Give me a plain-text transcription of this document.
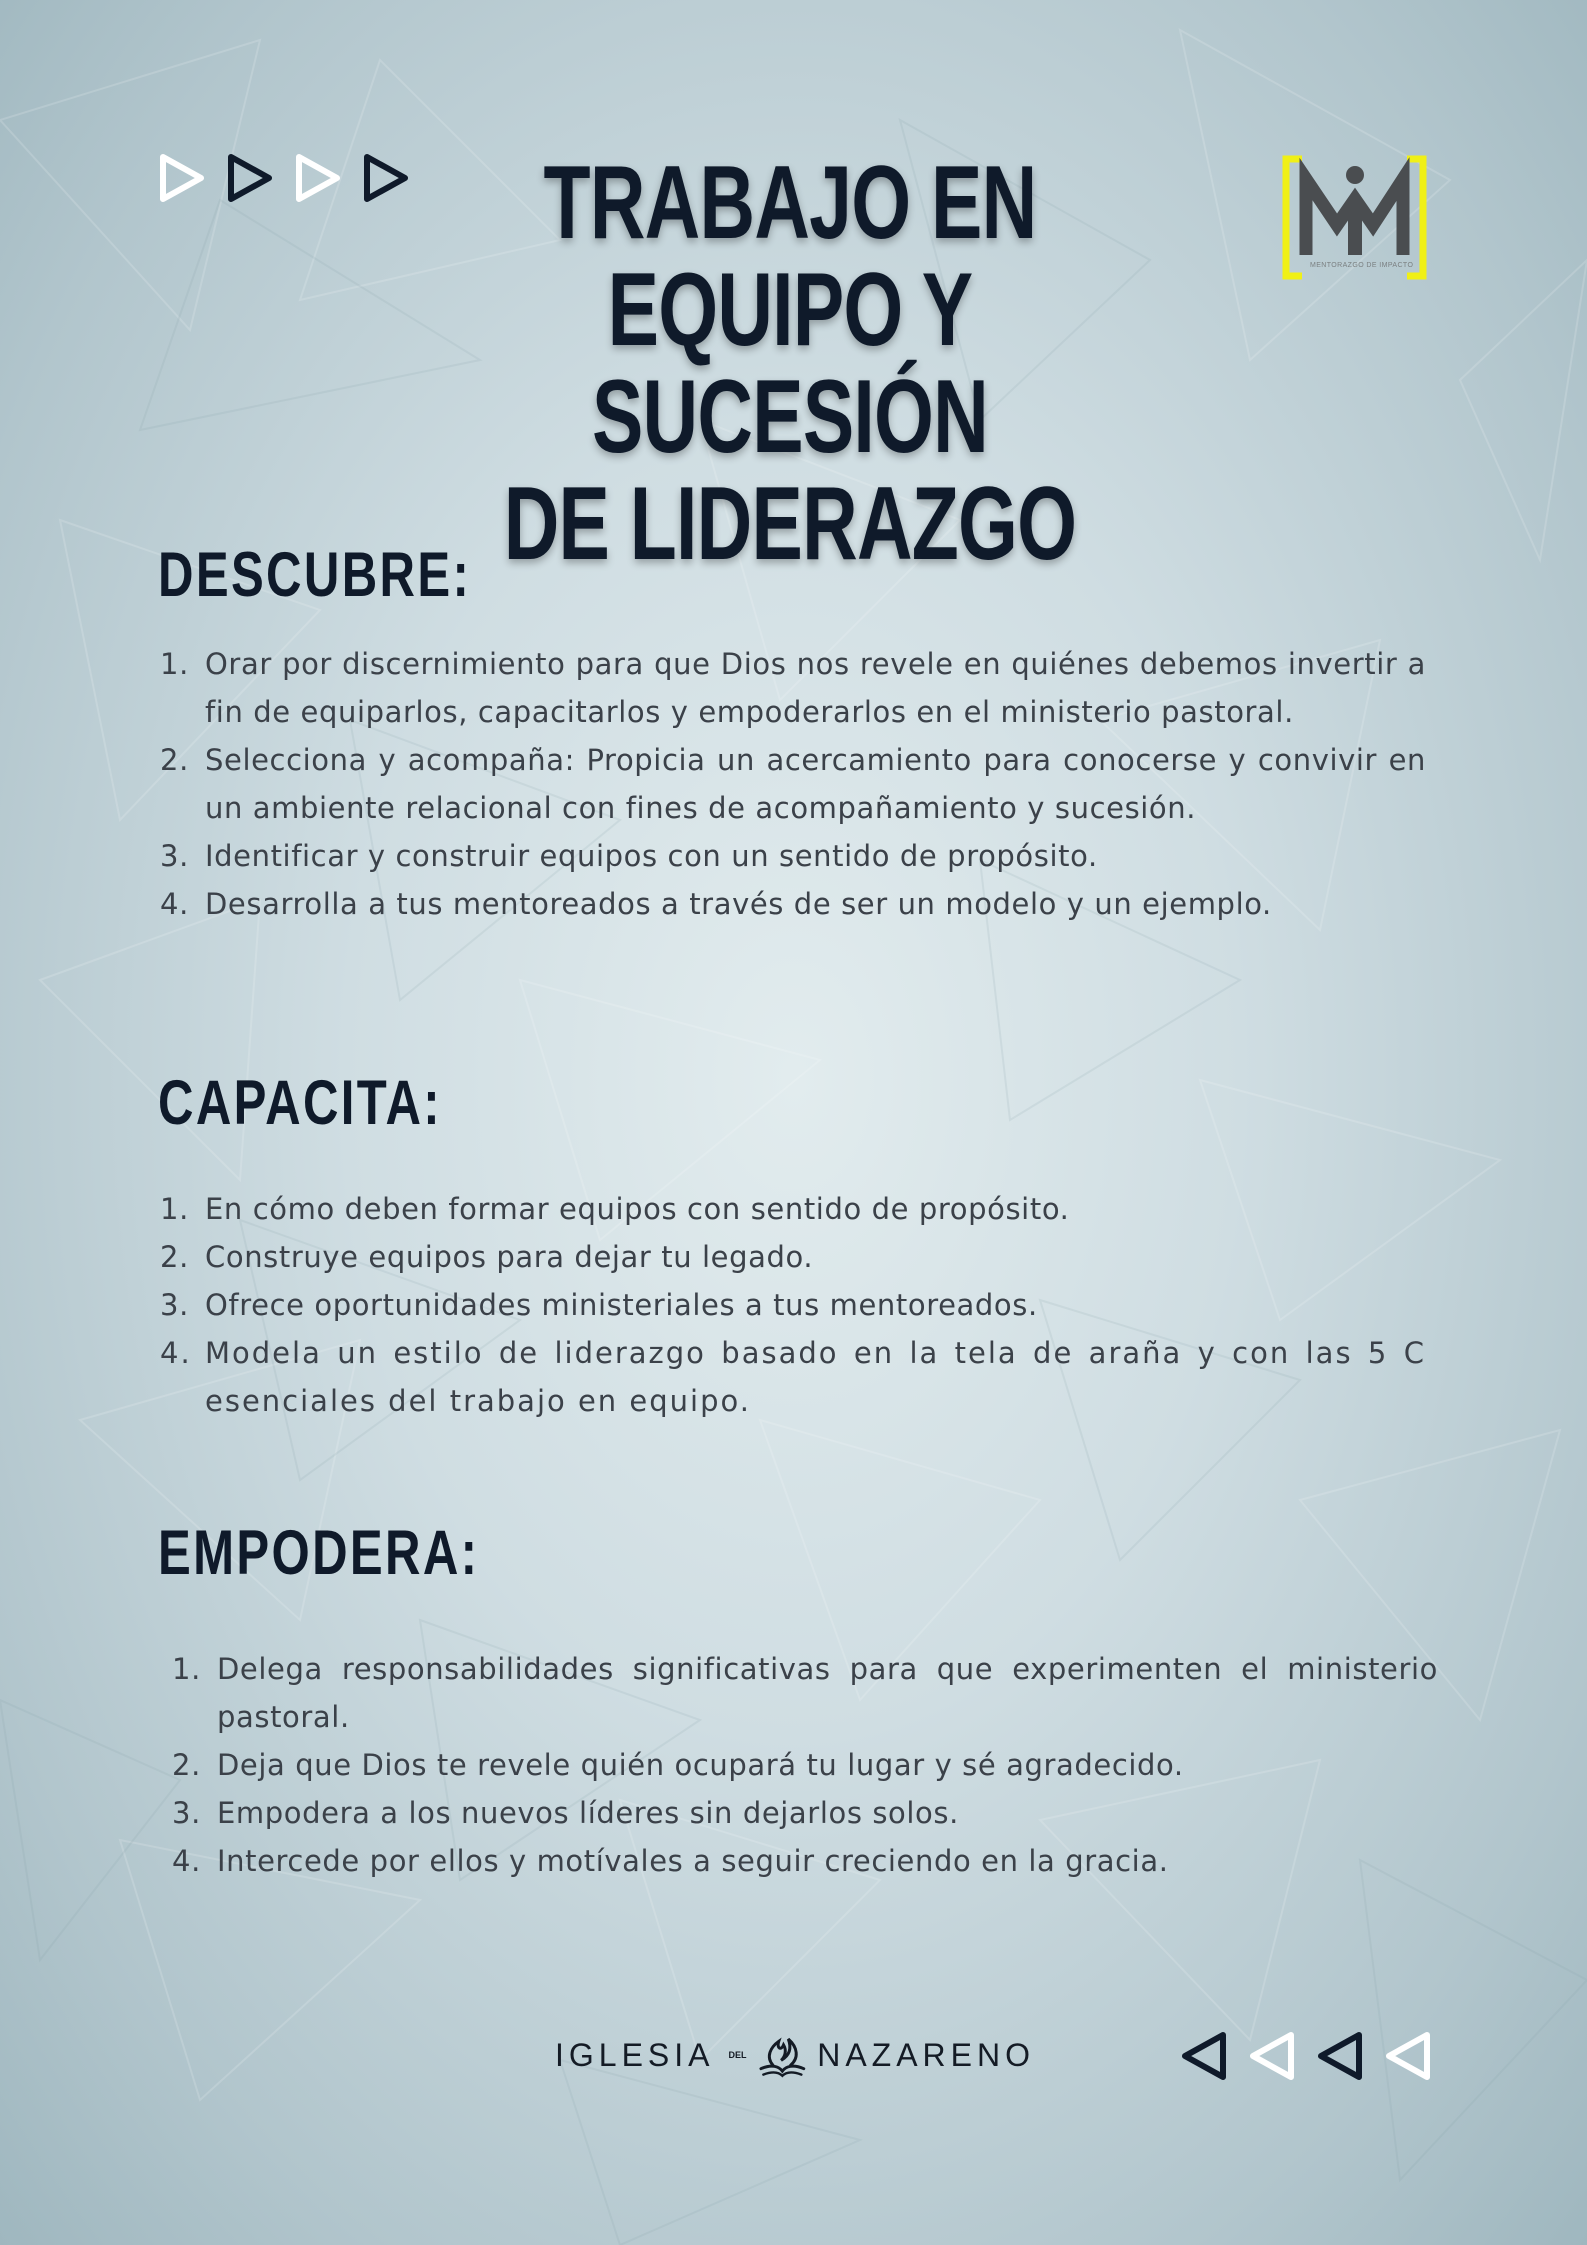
TRABAJO EN
EQUIPO Y SUCESIÓN
DE LIDERAZGO
MENTORAZGO DE IMPACTO
DESCUBRE:
Orar por discernimiento para que Dios nos revele en quiénes debemos invertir a fin de equiparlos, capacitarlos y empoderarlos en el ministerio pastoral.
Selecciona y acompaña: Propicia un acercamiento para conocerse y convivir en un ambiente relacional con fines de acompañamiento y sucesión.
Identificar y construir equipos con un sentido de propósito.
Desarrolla a tus mentoreados a través de ser un modelo y un ejemplo.
CAPACITA:
En cómo deben formar equipos con sentido de propósito.
Construye equipos para dejar tu legado.
Ofrece oportunidades ministeriales a tus mentoreados.
Modela un estilo de liderazgo basado en la tela de araña y con las 5 C esenciales del trabajo en equipo.
EMPODERA:
Delega responsabilidades significativas para que experimenten el ministerio pastoral.
Deja que Dios te revele quién ocupará tu lugar y sé agradecido.
Empodera a los nuevos líderes sin dejarlos solos.
Intercede por ellos y motívales a seguir creciendo en la gracia.
IGLESIA DEL NAZARENO
